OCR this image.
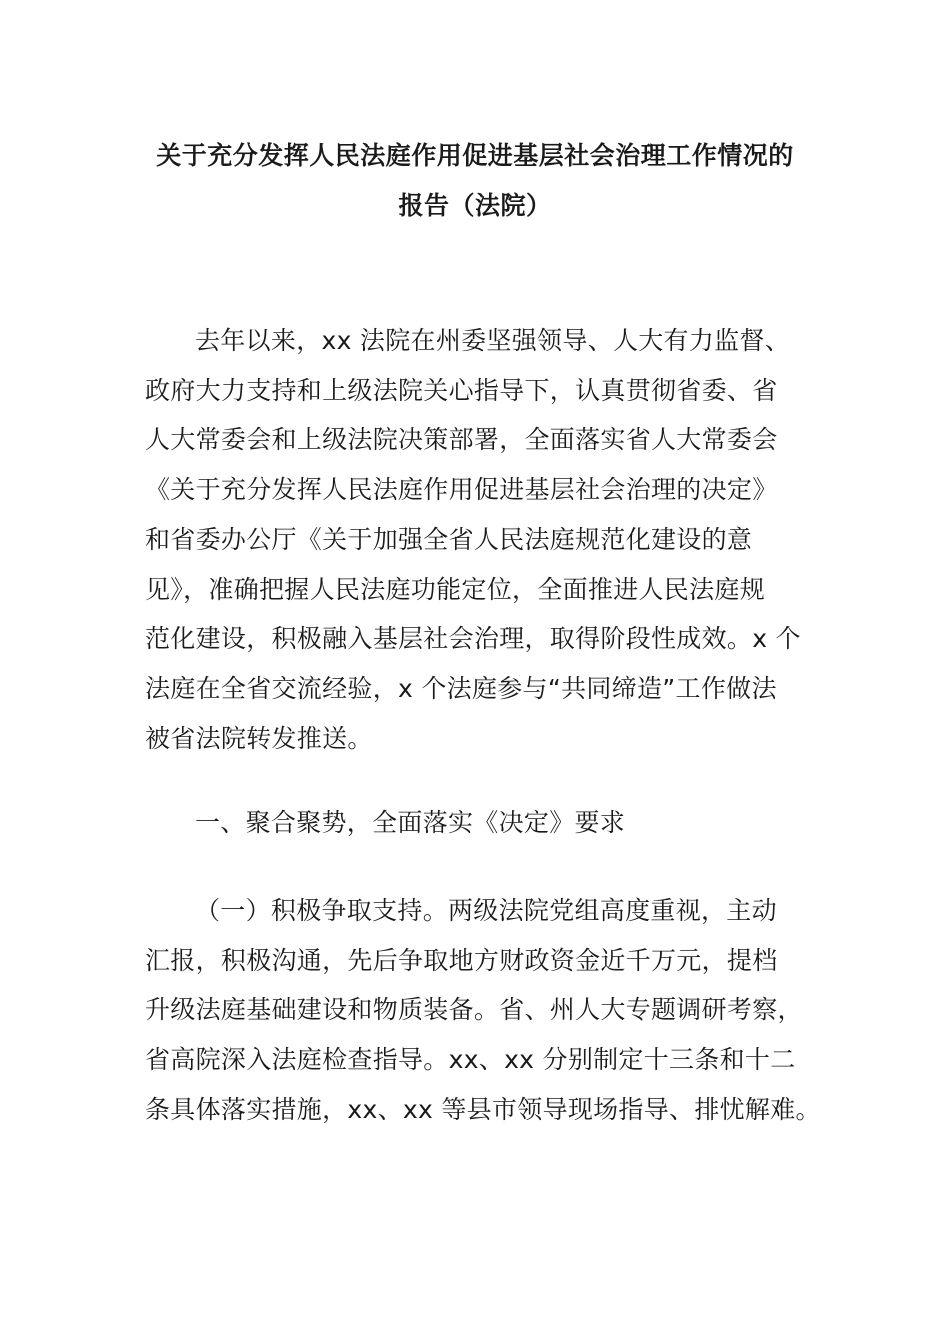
关于充分发挥人民法庭作用促进基层社会治理工作情况的
报告（法院）
去年以来，xx 法院在州委坚强领导、人大有力监督、
政府大力支持和上级法院关心指导下，认真贯彻省委、省
人大常委会和上级法院决策部署，全面落实省人大常委会
《关于充分发挥人民法庭作用促进基层社会治理的决定》
和省委办公厅《关于加强全省人民法庭规范化建设的意
见》，准确把握人民法庭功能定位，全面推进人民法庭规
范化建设，积极融入基层社会治理，取得阶段性成效。x 个
法庭在全省交流经验，x 个法庭参与“共同缔造”工作做法
被省法院转发推送。
一、聚合聚势，全面落实《决定》要求
（一）积极争取支持。两级法院党组高度重视，主动
汇报，积极沟通，先后争取地方财政资金近千万元，提档
升级法庭基础建设和物质装备。省、州人大专题调研考察，
省高院深入法庭检查指导。xx、xx 分别制定十三条和十二
条具体落实措施，xx、xx 等县市领导现场指导、排忧解难。
